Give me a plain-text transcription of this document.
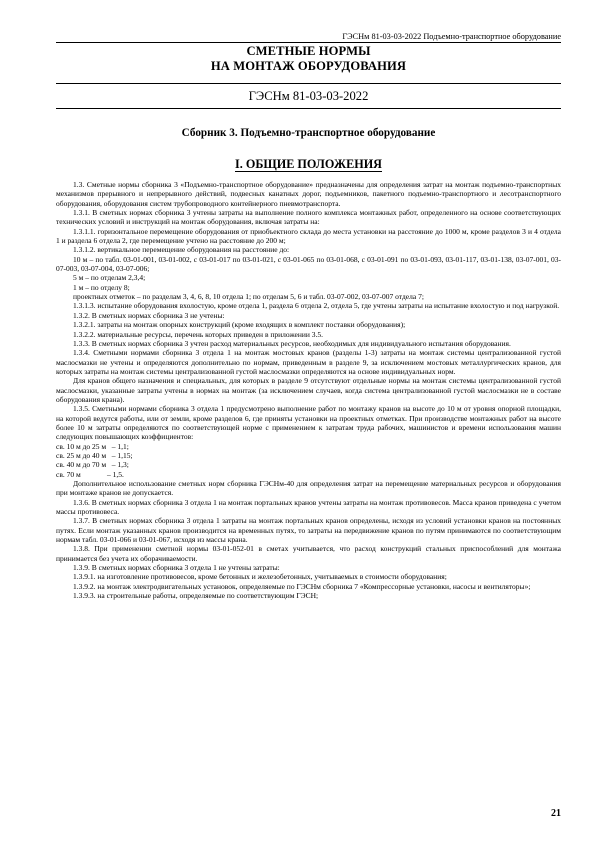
ГЭСНм 81-03-03-2022 Подъемно-транспортное оборудование
СМЕТНЫЕ НОРМЫ
НА МОНТАЖ ОБОРУДОВАНИЯ
ГЭСНм 81-03-03-2022
Сборник 3. Подъемно-транспортное оборудование
I. ОБЩИЕ ПОЛОЖЕНИЯ

1.3. Сметные нормы сборника 3 «Подъемно-транспортное оборудование» предназначены для определения затрат на монтаж подъемно-транспортных механизмов прерывного и непрерывного действий, подвесных канатных дорог, подъемников, пакетного подъемно-транспортного и лесотранспортного оборудования, оборудования систем трубопроводного контейнерного пневмотранспорта.

1.3.1. В сметных нормах сборника 3 учтены затраты на выполнение полного комплекса монтажных работ, определенного на основе соответствующих технических условий и инструкций на монтаж оборудования, включая затраты на:

1.3.1.1. горизонтальное перемещение оборудования от приобъектного склада до места установки на расстояние до 1000 м, кроме разделов 3 и 4 отдела 1 и раздела 6 отдела 2, где перемещение учтено на расстояние до 200 м;

1.3.1.2. вертикальное перемещение оборудования на расстояние до:

10 м – по табл. 03-01-001, 03-01-002, с 03-01-017 по 03-01-021, с 03-01-065 по 03-01-068, с 03-01-091 по 03-01-093, 03-01-117, 03-01-138, 03-07-001, 03-07-003, 03-07-004, 03-07-006;

5 м – по отделам 2,3,4;

1 м – по отделу 8;

проектных отметок – по разделам 3, 4, 6, 8, 10 отдела 1; по отделам 5, 6 и табл. 03-07-002, 03-07-007 отдела 7;

1.3.1.3. испытание оборудования вхолостую, кроме отдела 1, раздела 6 отдела 2, отдела 5, где учтены затраты на испытание вхолостую и под нагрузкой.

1.3.2. В сметных нормах сборника 3 не учтены:

1.3.2.1. затраты на монтаж опорных конструкций (кроме входящих в комплект поставки оборудования);

1.3.2.2. материальные ресурсы, перечень которых приведен в приложении 3.5.

1.3.3. В сметных нормах сборника 3 учтен расход материальных ресурсов, необходимых для индивидуального испытания оборудования.

1.3.4. Сметными нормами сборника 3 отдела 1 на монтаж мостовых кранов (разделы 1-3) затраты на монтаж системы централизованной густой маслосмазки не учтены и определяются дополнительно по нормам, приведенным в разделе 9, за исключением мостовых металлургических кранов, для которых затраты на монтаж системы централизованной густой маслосмазки определяются на основе индивидуальных норм.

Для кранов общего назначения и специальных, для которых в разделе 9 отсутствуют отдельные нормы на монтаж системы централизованной густой маслосмазки, указанные затраты учтены в нормах на монтаж (за исключением случаев, когда система централизованной густой маслосмазки не в составе оборудования крана).

1.3.5. Сметными нормами сборника 3 отдела 1 предусмотрено выполнение работ по монтажу кранов на высоте до 10 м от уровня опорной площадки, на которой ведутся работы, или от земли, кроме разделов 6, где приняты установки на проектных отметках. При производстве монтажных работ на высоте более 10 м затраты определяются по соответствующей норме с применением к затратам труда рабочих, машинистов и времени использования машин следующих повышающих коэффициентов:

св. 10 м до 25 м   – 1,1;

св. 25 м до 40 м   – 1,15;

св. 40 м до 70 м   – 1,3;

св. 70 м              – 1,5.

Дополнительное использование сметных норм сборника ГЭСНм-40 для определения затрат на перемещение материальных ресурсов и оборудования при монтаже кранов не допускается.

1.3.6. В сметных нормах сборника 3 отдела 1 на монтаж портальных кранов учтены затраты на монтаж противовесов. Масса кранов приведена с учетом массы противовеса.

1.3.7. В сметных нормах сборника 3 отдела 1 затраты на монтаж портальных кранов определены, исходя из условий установки кранов на постоянных путях. Если монтаж указанных кранов производится на временных путях, то затраты на передвижение кранов по путям принимаются по соответствующим нормам табл. 03-01-066 и 03-01-067, исходя из массы крана.

1.3.8. При применении сметной нормы 03-01-052-01 в сметах учитывается, что расход конструкций стальных приспособлений для монтажа принимается без учета их оборачиваемости.

1.3.9. В сметных нормах сборника 3 отдела 1 не учтены затраты:

1.3.9.1. на изготовление противовесов, кроме бетонных и железобетонных, учитываемых в стоимости оборудования;

1.3.9.2. на монтаж электродвигательных установок, определяемые по ГЭСНм сборника 7 «Компрессорные установки, насосы и вентиляторы»;

1.3.9.3. на строительные работы, определяемые по соответствующим ГЭСН;

21
